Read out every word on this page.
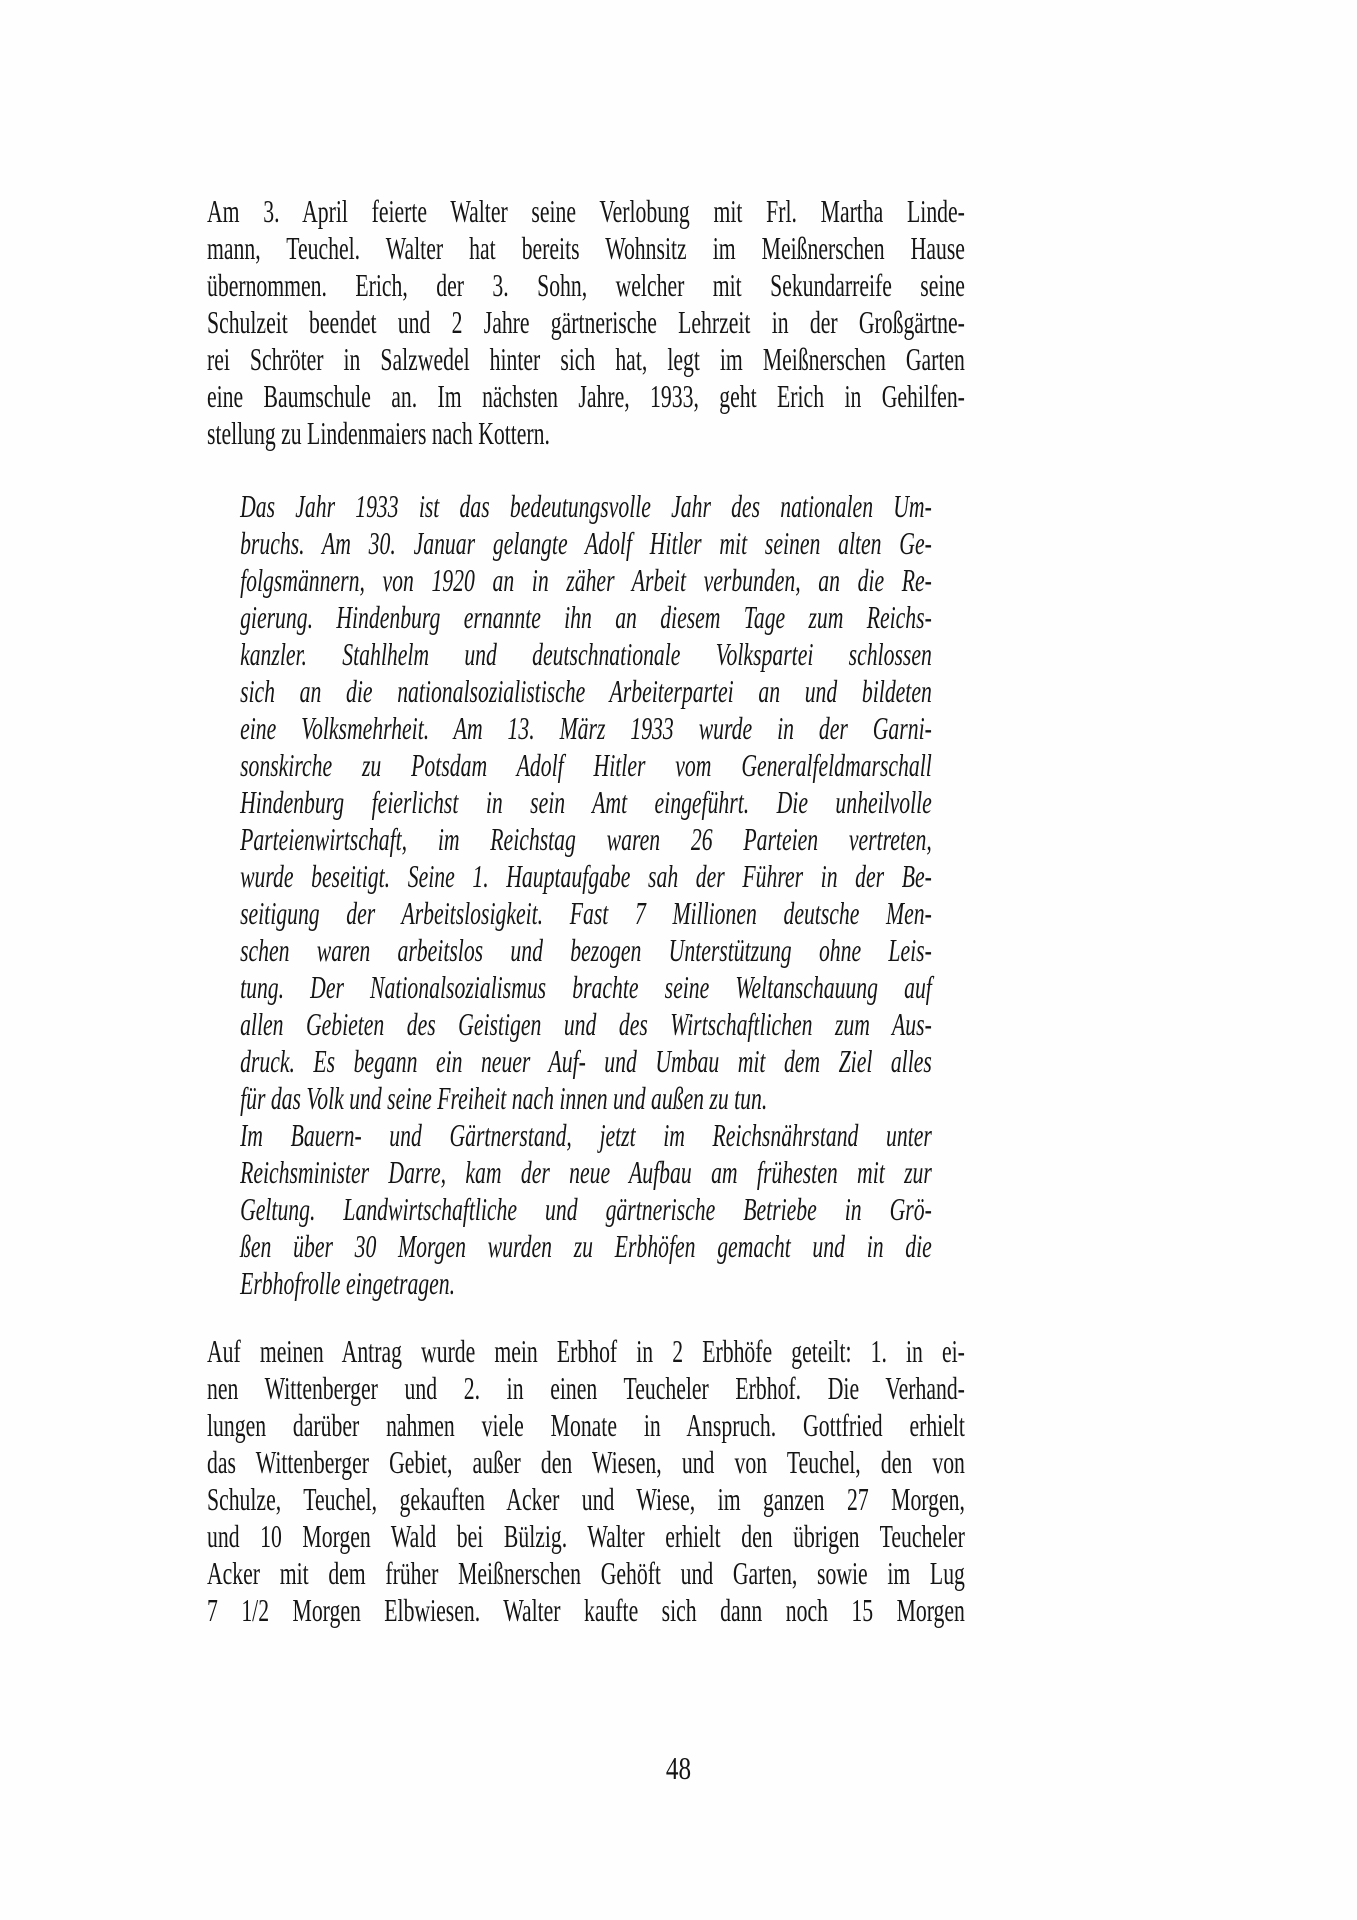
Am 3. April feierte Walter seine Verlobung mit Frl. Martha Linde-
mann, Teuchel. Walter hat bereits Wohnsitz im Meißnerschen Hause
übernommen. Erich, der 3. Sohn, welcher mit Sekundarreife seine
Schulzeit beendet und 2 Jahre gärtnerische Lehrzeit in der Großgärtne-
rei Schröter in Salzwedel hinter sich hat, legt im Meißnerschen Garten
eine Baumschule an. Im nächsten Jahre, 1933, geht Erich in Gehilfen-
stellung zu Lindenmaiers nach Kottern.
Das Jahr 1933 ist das bedeutungsvolle Jahr des nationalen Um-
bruchs. Am 30. Januar gelangte Adolf Hitler mit seinen alten Ge-
folgsmännern, von 1920 an in zäher Arbeit verbunden, an die Re-
gierung. Hindenburg ernannte ihn an diesem Tage zum Reichs-
kanzler. Stahlhelm und deutschnationale Volkspartei schlossen
sich an die nationalsozialistische Arbeiterpartei an und bildeten
eine Volksmehrheit. Am 13. März 1933 wurde in der Garni-
sonskirche zu Potsdam Adolf Hitler vom Generalfeldmarschall
Hindenburg feierlichst in sein Amt eingeführt. Die unheilvolle
Parteienwirtschaft, im Reichstag waren 26 Parteien vertreten,
wurde beseitigt. Seine 1. Hauptaufgabe sah der Führer in der Be-
seitigung der Arbeitslosigkeit. Fast 7 Millionen deutsche Men-
schen waren arbeitslos und bezogen Unterstützung ohne Leis-
tung. Der Nationalsozialismus brachte seine Weltanschauung auf
allen Gebieten des Geistigen und des Wirtschaftlichen zum Aus-
druck. Es begann ein neuer Auf- und Umbau mit dem Ziel alles
für das Volk und seine Freiheit nach innen und außen zu tun.
Im Bauern- und Gärtnerstand, jetzt im Reichsnährstand unter
Reichsminister Darre, kam der neue Aufbau am frühesten mit zur
Geltung. Landwirtschaftliche und gärtnerische Betriebe in Grö-
ßen über 30 Morgen wurden zu Erbhöfen gemacht und in die
Erbhofrolle eingetragen.
Auf meinen Antrag wurde mein Erbhof in 2 Erbhöfe geteilt: 1. in ei-
nen Wittenberger und 2. in einen Teucheler Erbhof. Die Verhand-
lungen darüber nahmen viele Monate in Anspruch. Gottfried erhielt
das Wittenberger Gebiet, außer den Wiesen, und von Teuchel, den von
Schulze, Teuchel, gekauften Acker und Wiese, im ganzen 27 Morgen,
und 10 Morgen Wald bei Bülzig. Walter erhielt den übrigen Teucheler
Acker mit dem früher Meißnerschen Gehöft und Garten, sowie im Lug
7 1/2 Morgen Elbwiesen. Walter kaufte sich dann noch 15 Morgen
48
